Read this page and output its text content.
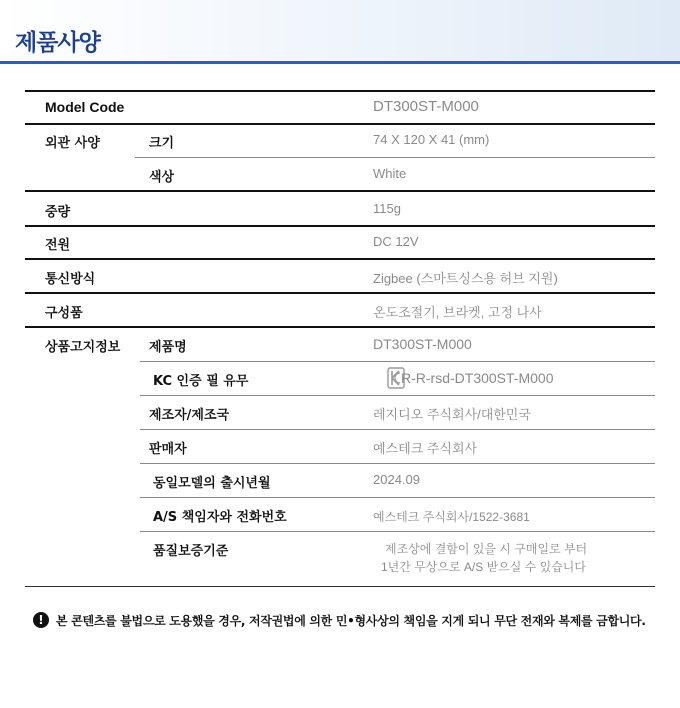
제품사양
Model Code	DT300ST-M000
외관 사양	크기	74 X 120 X 41 (mm)
색상	White
중량	115g
전원	DC 12V
통신방식	Zigbee (스마트싱스용 허브 지원)
구성품	온도조절기, 브라켓, 고정 나사
상품고지정보 제품명	DT300ST-M000
KC 인증 필 유무	R-R-rsd-DT300ST-M000
제조자/제조국	레지디오 주식회사/대한민국
판매자	예스테크 주식회사
동일모델의 출시년월	2024.09
A/S 책임자와 전화번호	예스테크 주식회사/1522-3681
품질보증기준	제조상에 결함이 있을 시 구매일로 부터
1년간 무상으로 A/S 받으실 수 있습니다
!	본 콘텐츠를 불법으로 도용했을 경우, 저작권법에 의한 민•형사상의 책임을 지게 되니 무단 전재와 복제를 금합니다.
